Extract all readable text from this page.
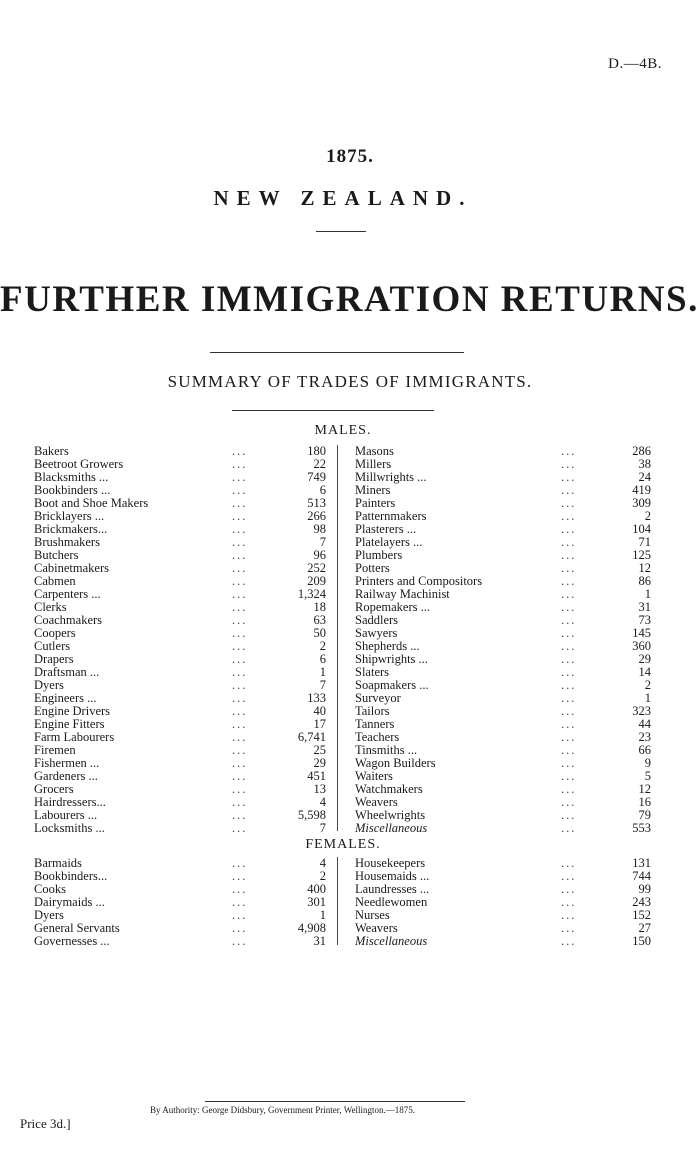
D.—4B.
1875.
NEW ZEALAND.
FURTHER IMMIGRATION RETURNS.
SUMMARY OF TRADES OF IMMIGRANTS.
MALES.
Bakers	...	180
Beetroot Growers	...	22
Blacksmiths ...	...	749
Bookbinders ...	...	6
Boot and Shoe Makers	...	513
Bricklayers ...	...	266
Brickmakers...	...	98
Brushmakers	...	7
Butchers	...	96
Cabinetmakers	...	252
Cabmen	...	209
Carpenters ...	...	1,324
Clerks	...	18
Coachmakers	...	63
Coopers	...	50
Cutlers	...	2
Drapers	...	6
Draftsman ...	...	1
Dyers	...	7
Engineers ...	...	133
Engine Drivers	...	40
Engine Fitters	...	17
Farm Labourers	...	6,741
Firemen	...	25
Fishermen ...	...	29
Gardeners ...	...	451
Grocers	...	13
Hairdressers...	...	4
Labourers ...	...	5,598
Locksmiths ...	...	7
Masons	...	286
Millers	...	38
Millwrights ...	...	24
Miners	...	419
Painters	...	309
Patternmakers	...	2
Plasterers ...	...	104
Platelayers ...	...	71
Plumbers	...	125
Potters	...	12
Printers and Compositors	...	86
Railway Machinist	...	1
Ropemakers ...	...	31
Saddlers	...	73
Sawyers	...	145
Shepherds ...	...	360
Shipwrights ...	...	29
Slaters	...	14
Soapmakers ...	...	2
Surveyor	...	1
Tailors	...	323
Tanners	...	44
Teachers	...	23
Tinsmiths ...	...	66
Wagon Builders	...	9
Waiters	...	5
Watchmakers	...	12
Weavers	...	16
Wheelwrights	...	79
Miscellaneous	...	553
FEMALES.
Barmaids	...	4
Bookbinders...	...	2
Cooks	...	400
Dairymaids ...	...	301
Dyers	...	1
General Servants	...	4,908
Governesses ...	...	31
Housekeepers	...	131
Housemaids ...	...	744
Laundresses ...	...	99
Needlewomen	...	243
Nurses	...	152
Weavers	...	27
Miscellaneous	...	150
By Authority: George Didsbury, Government Printer, Wellington.—1875.
Price 3d.]
